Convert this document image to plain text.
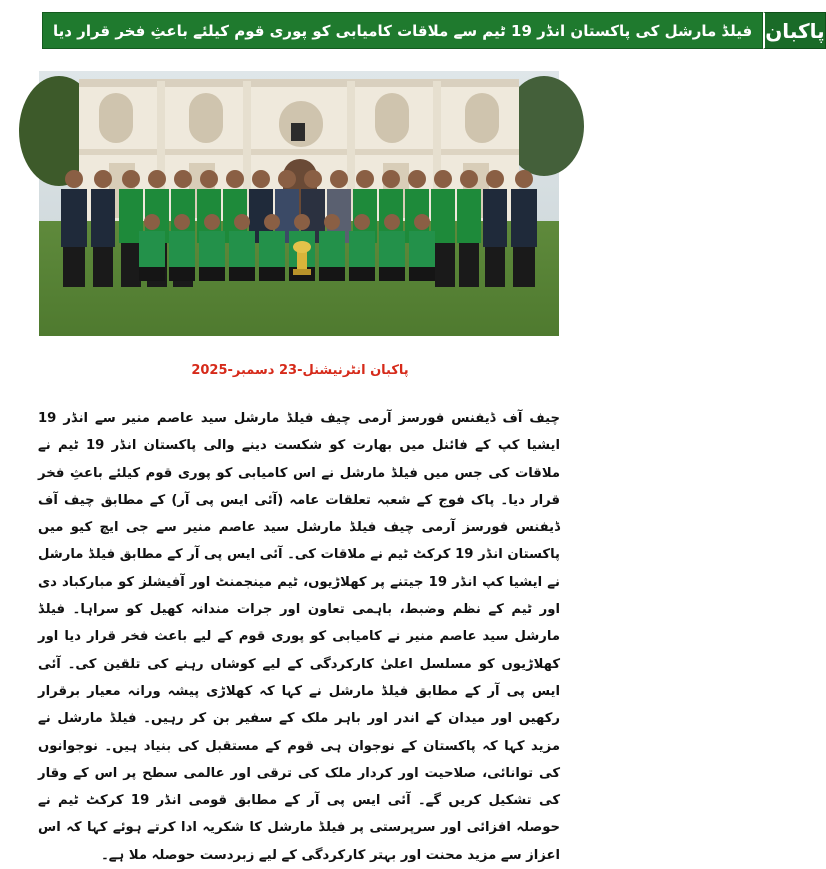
فیلڈ مارشل کی پاکستان انڈر 19 ٹیم سے ملاقات کامیابی کو پوری قوم کیلئے باعثِ فخر قرار دیا پاکبان
پاکبان انٹرنیشنل-23 دسمبر-2025
چیف آف ڈیفنس فورسز آرمی چیف فیلڈ مارشل سید عاصم منیر سے انڈر 19 ایشیا کپ کے فائنل میں بھارت کو شکست دینے والی پاکستان انڈر 19 ٹیم نے ملاقات کی جس میں فیلڈ مارشل نے اس کامیابی کو پوری قوم کیلئے باعثِ فخر قرار دیا۔ پاک فوج کے شعبہ تعلقات عامہ (آئی ایس پی آر) کے مطابق چیف آف ڈیفنس فورسز آرمی چیف فیلڈ مارشل سید عاصم منیر سے جی ایچ کیو میں پاکستان انڈر 19 کرکٹ ٹیم نے ملاقات کی۔ آئی ایس پی آر کے مطابق فیلڈ مارشل نے ایشیا کپ انڈر 19 جیتنے پر کھلاڑیوں، ٹیم مینجمنٹ اور آفیشلز کو مبارکباد دی اور ٹیم کے نظم وضبط، باہمی تعاون اور جرات مندانہ کھیل کو سراہا۔ فیلڈ مارشل سید عاصم منیر نے کامیابی کو پوری قوم کے لیے باعث فخر قرار دیا اور کھلاڑیوں کو مسلسل اعلیٰ کارکردگی کے لیے کوشاں رہنے کی تلقین کی۔ آئی ایس پی آر کے مطابق فیلڈ مارشل نے کہا کہ کھلاڑی پیشہ ورانہ معیار برقرار رکھیں اور میدان کے اندر اور باہر ملک کے سفیر بن کر رہیں۔ فیلڈ مارشل نے مزید کہا کہ پاکستان کے نوجوان ہی قوم کے مستقبل کی بنیاد ہیں۔ نوجوانوں کی توانائی، صلاحیت اور کردار ملک کی ترقی اور عالمی سطح پر اس کے وقار کی تشکیل کریں گے۔ آئی ایس پی آر کے مطابق قومی انڈر 19 کرکٹ ٹیم نے حوصلہ افزائی اور سرپرستی پر فیلڈ مارشل کا شکریہ ادا کرتے ہوئے کہا کہ اس اعزاز سے مزید محنت اور بہتر کارکردگی کے لیے زبردست حوصلہ ملا ہے۔
